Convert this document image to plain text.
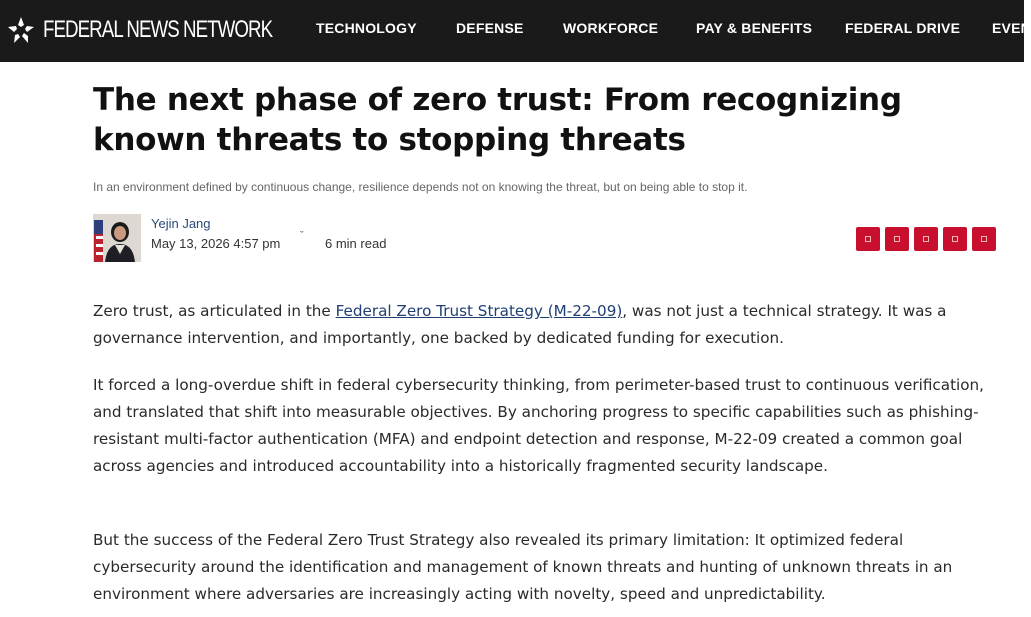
FEDERAL NEWS NETWORK	TECHNOLOGY	DEFENSE	WORKFORCE	PAY & BENEFITS FEDERAL DRIVE EVEN
The next phase of zero trust: From recognizing known threats to stopping threats

In an environment defined by continuous change, resilience depends not on knowing the threat, but on being able to stop it.

Yejin Jang
May 13, 2026 4:57 pm ˇ 6 min read

Zero trust, as articulated in the Federal Zero Trust Strategy (M-22-09), was not just a technical strategy. It was a governance intervention, and importantly, one backed by dedicated funding for execution.

It forced a long-overdue shift in federal cybersecurity thinking, from perimeter-based trust to continuous verification, and translated that shift into measurable objectives. By anchoring progress to specific capabilities such as phishing-resistant multi-factor authentication (MFA) and endpoint detection and response, M-22-09 created a common goal across agencies and introduced accountability into a historically fragmented security landscape.

But the success of the Federal Zero Trust Strategy also revealed its primary limitation: It optimized federal cybersecurity around the identification and management of known threats and hunting of unknown threats in an environment where adversaries are increasingly acting with novelty, speed and unpredictability.
